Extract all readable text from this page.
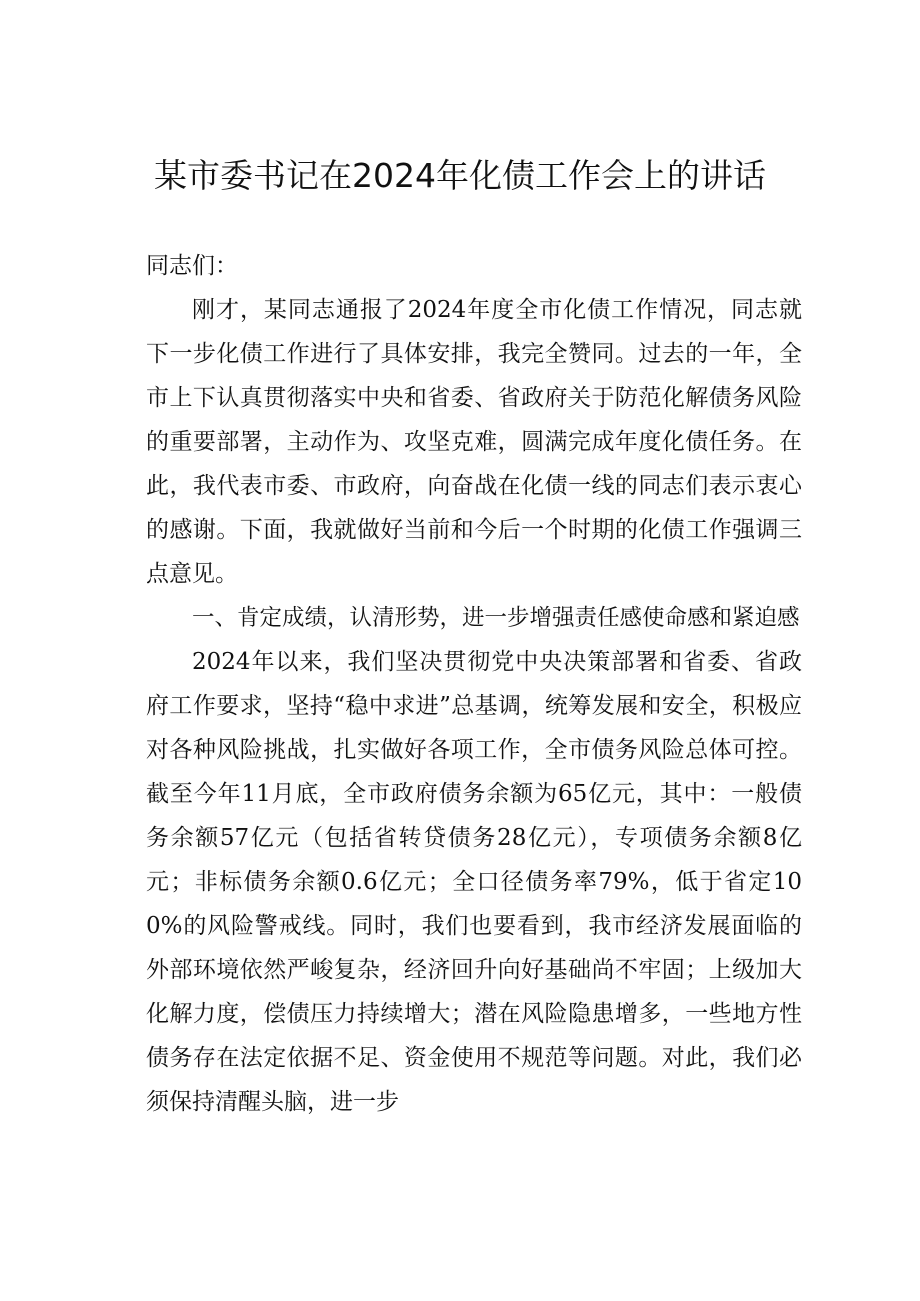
某市委书记在2024年化债工作会上的讲话

同志们：

刚才，某同志通报了2024年度全市化债工作情况，同志就下一步化债工作进行了具体安排，我完全赞同。过去的一年，全市上下认真贯彻落实中央和省委、省政府关于防范化解债务风险的重要部署，主动作为、攻坚克难，圆满完成年度化债任务。在此，我代表市委、市政府，向奋战在化债一线的同志们表示衷心的感谢。下面，我就做好当前和今后一个时期的化债工作强调三点意见。

一、肯定成绩，认清形势，进一步增强责任感使命感和紧迫感

2024年以来，我们坚决贯彻党中央决策部署和省委、省政府工作要求，坚持“稳中求进”总基调，统筹发展和安全，积极应对各种风险挑战，扎实做好各项工作，全市债务风险总体可控。截至今年11月底，全市政府债务余额为65亿元，其中：一般债务余额57亿元（包括省转贷债务28亿元），专项债务余额8亿元；非标债务余额0.6亿元；全口径债务率79%，低于省定100%的风险警戒线。同时，我们也要看到，我市经济发展面临的外部环境依然严峻复杂，经济回升向好基础尚不牢固；上级加大化解力度，偿债压力持续增大；潜在风险隐患增多，一些地方性债务存在法定依据不足、资金使用不规范等问题。对此，我们必须保持清醒头脑，进一步
